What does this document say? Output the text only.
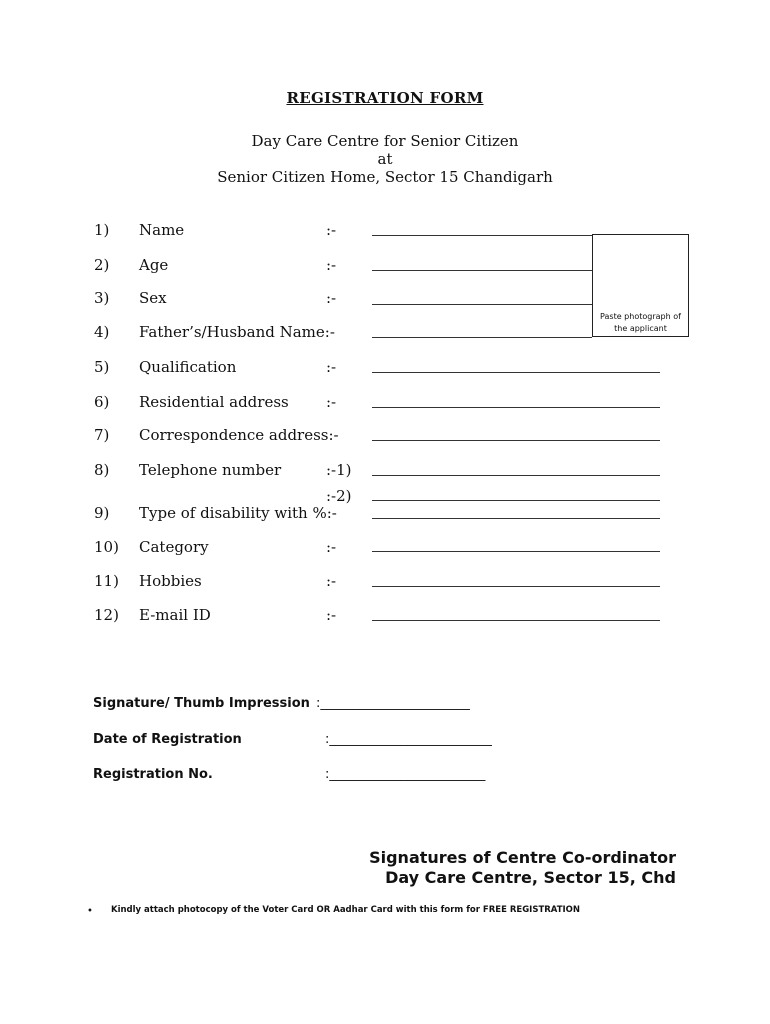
REGISTRATION FORM
Day Care Centre for Senior Citizen
at
Senior Citizen Home, Sector 15 Chandigarh
Paste photograph of the applicant
1) Name	:-
2) Age	:-
3) Sex	:-
4) Father’s/Husband Name:-
5) Qualification	:-
6) Residential address :-
7) Correspondence address:-
8) Telephone number	:-1)
:-2)
9) Type of disability with %:-
10) Category	:-
11) Hobbies	:-
12) E-mail ID	:-
Signature/ Thumb Impression :_______________________
Date of Registration	:_________________________
Registration No.	:________________________
Signatures of Centre Co-ordinator
Day Care Centre, Sector 15, Chd
• Kindly attach photocopy of the Voter Card OR Aadhar Card with this form for FREE REGISTRATION
